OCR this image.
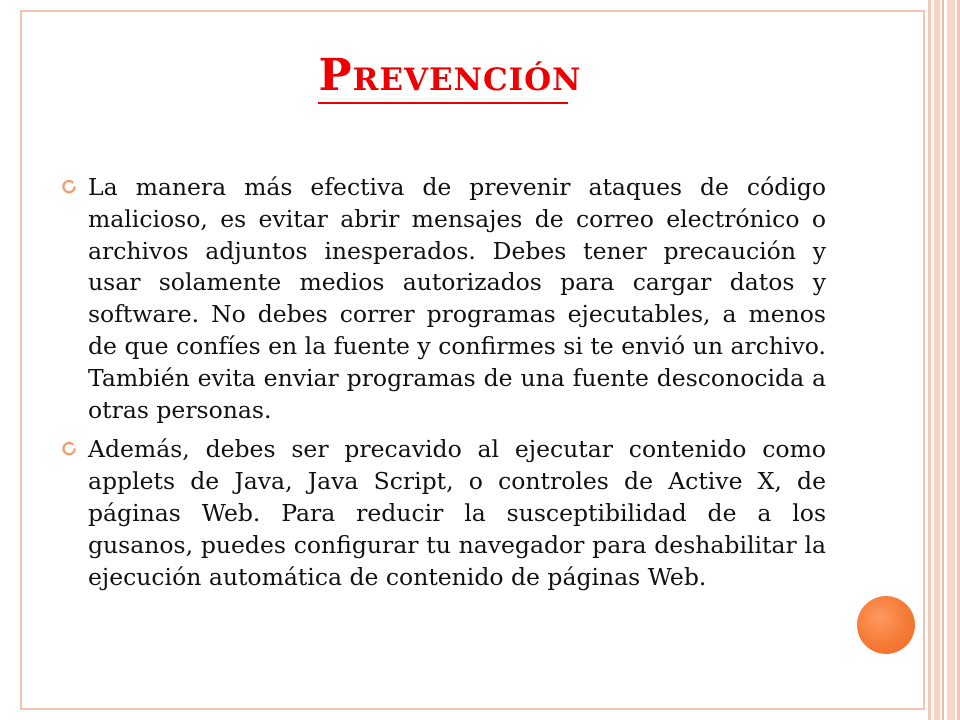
Prevención
La manera más efectiva de prevenir ataques de código malicioso, es evitar abrir mensajes de correo electrónico o archivos adjuntos inesperados. Debes tener precaución y usar solamente medios autorizados para cargar datos y software. No debes correr programas ejecutables, a menos de que confíes en la fuente y confirmes si te envió un archivo. También evita enviar programas de una fuente desconocida a otras personas.
Además, debes ser precavido al ejecutar contenido como applets de Java, Java Script, o controles de Active X, de páginas Web. Para reducir la susceptibilidad de a los gusanos, puedes configurar tu navegador para deshabilitar la ejecución automática de contenido de páginas Web.
